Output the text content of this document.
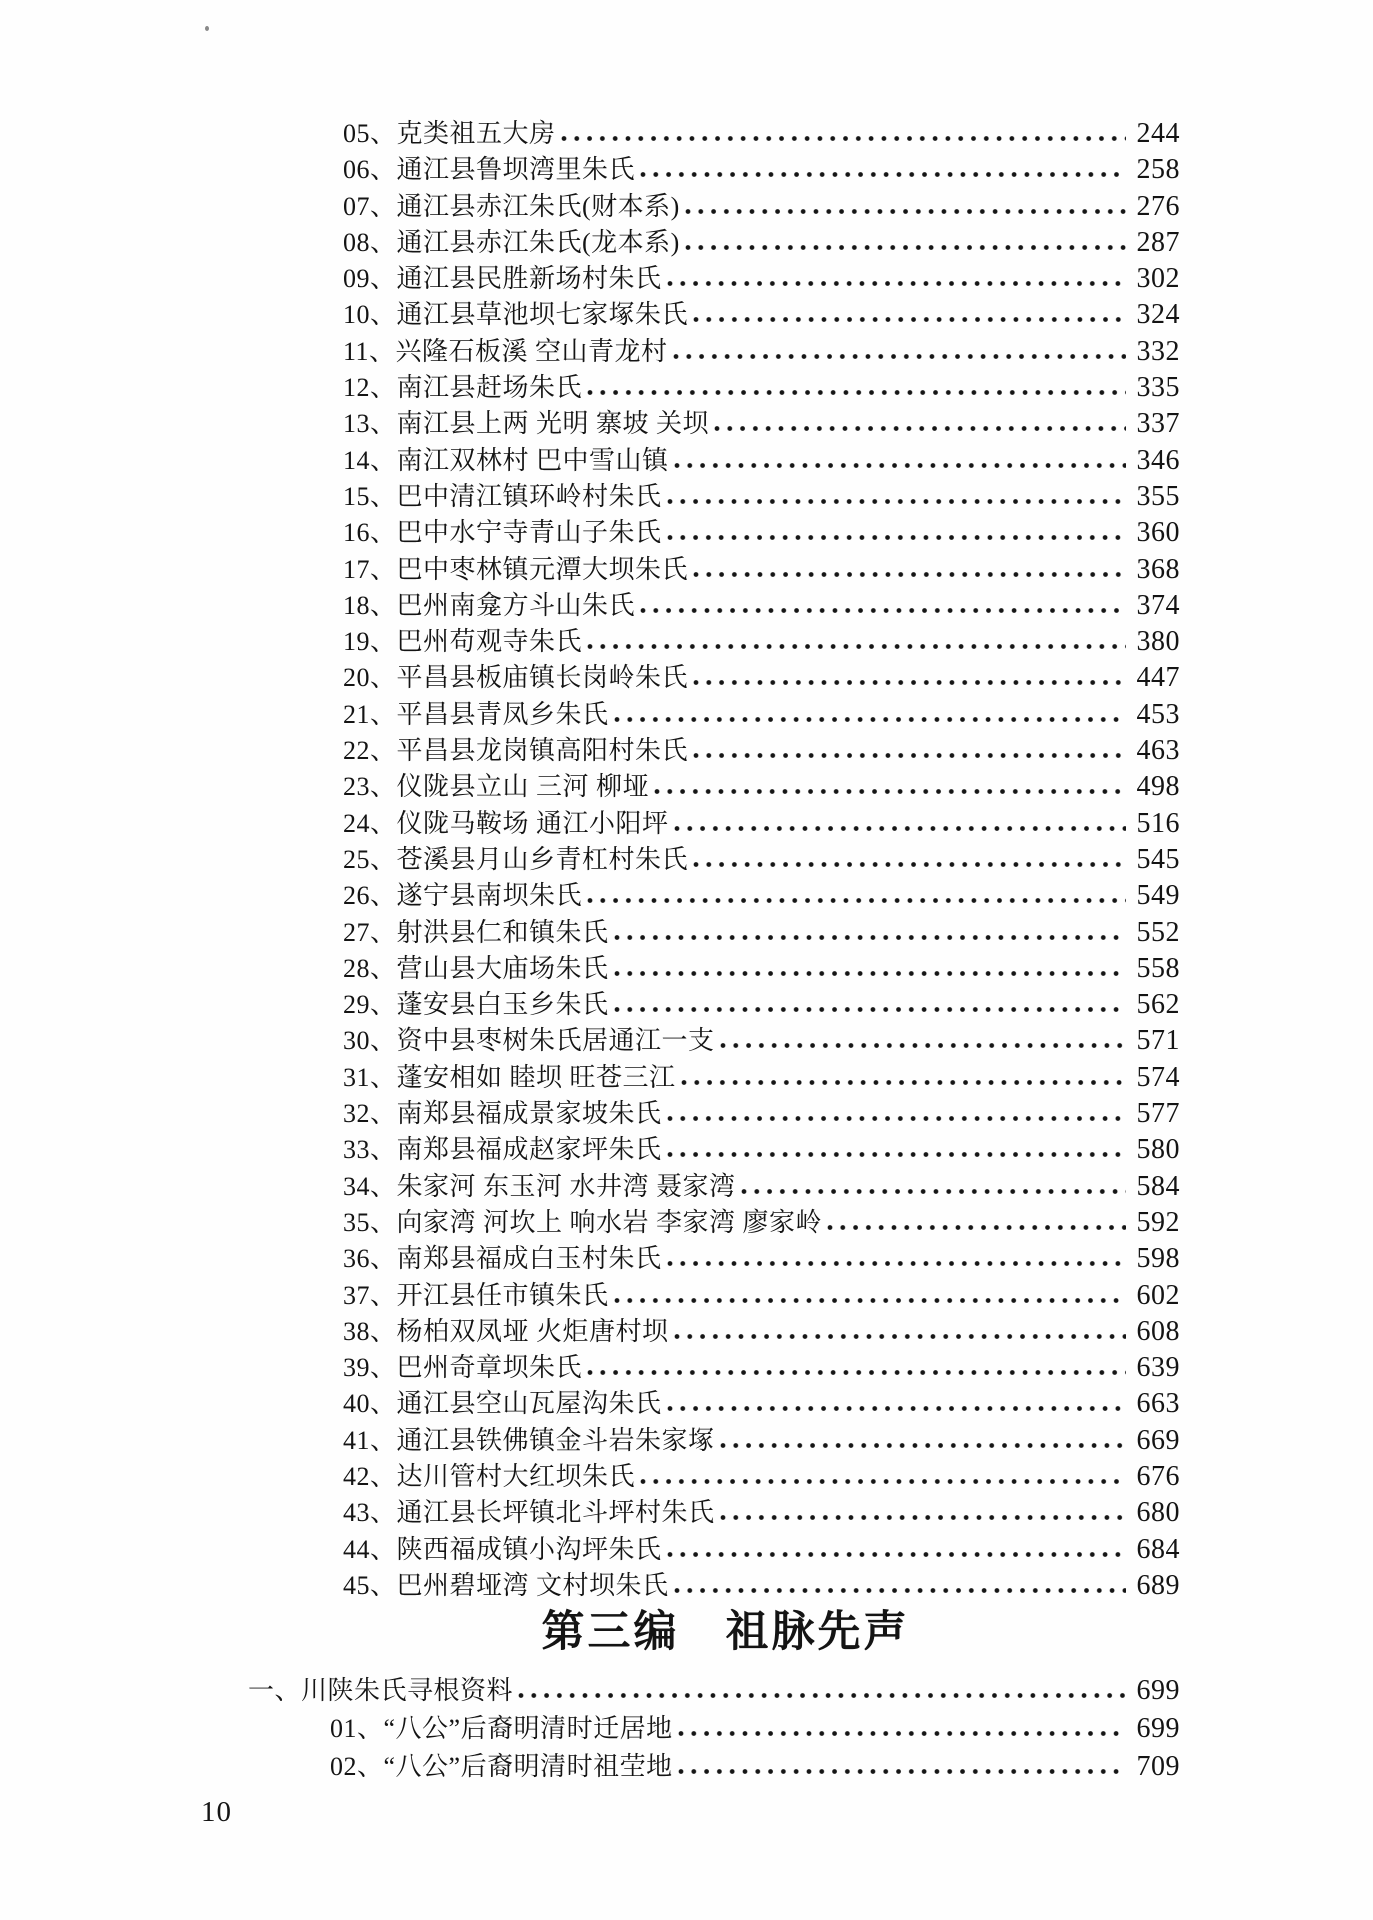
05、 克类祖五大房	244
06、 通江县鲁坝湾里朱氏	258
07、 通江县赤江朱氏(财本系)	276
08、 通江县赤江朱氏(龙本系)	287
09、 通江县民胜新场村朱氏	302
10、 通江县草池坝七家塚朱氏	324
11、 兴隆石板溪 空山青龙村	332
12、 南江县赶场朱氏	335
13、 南江县上两 光明 寨坡 关坝	337
14、 南江双林村 巴中雪山镇	346
15、 巴中清江镇环岭村朱氏	355
16、 巴中水宁寺青山子朱氏	360
17、 巴中枣林镇元潭大坝朱氏	368
18、 巴州南龛方斗山朱氏	374
19、 巴州苟观寺朱氏	380
20、 平昌县板庙镇长岗岭朱氏	447
21、 平昌县青凤乡朱氏	453
22、 平昌县龙岗镇高阳村朱氏	463
23、 仪陇县立山 三河 柳垭	498
24、 仪陇马鞍场 通江小阳坪	516
25、 苍溪县月山乡青杠村朱氏	545
26、 遂宁县南坝朱氏	549
27、 射洪县仁和镇朱氏	552
28、 营山县大庙场朱氏	558
29、 蓬安县白玉乡朱氏	562
30、 资中县枣树朱氏居通江一支	571
31、 蓬安相如 睦坝 旺苍三江	574
32、 南郑县福成景家坡朱氏	577
33、 南郑县福成赵家坪朱氏	580
34、 朱家河 东玉河 水井湾 聂家湾	584
35、 向家湾 河坎上 响水岩 李家湾 廖家岭	592
36、 南郑县福成白玉村朱氏	598
37、 开江县任市镇朱氏	602
38、 杨柏双凤垭 火炬唐村坝	608
39、 巴州奇章坝朱氏	639
40、 通江县空山瓦屋沟朱氏	663
41、 通江县铁佛镇金斗岩朱家塚	669
42、 达川管村大红坝朱氏	676
43、 通江县长坪镇北斗坪村朱氏	680
44、 陕西福成镇小沟坪朱氏	684
45、 巴州碧垭湾 文村坝朱氏	689
第三编　祖脉先声
一、 川陕朱氏寻根资料	699
01、 “八公”后裔明清时迁居地	699
02、 “八公”后裔明清时祖茔地	709
10
